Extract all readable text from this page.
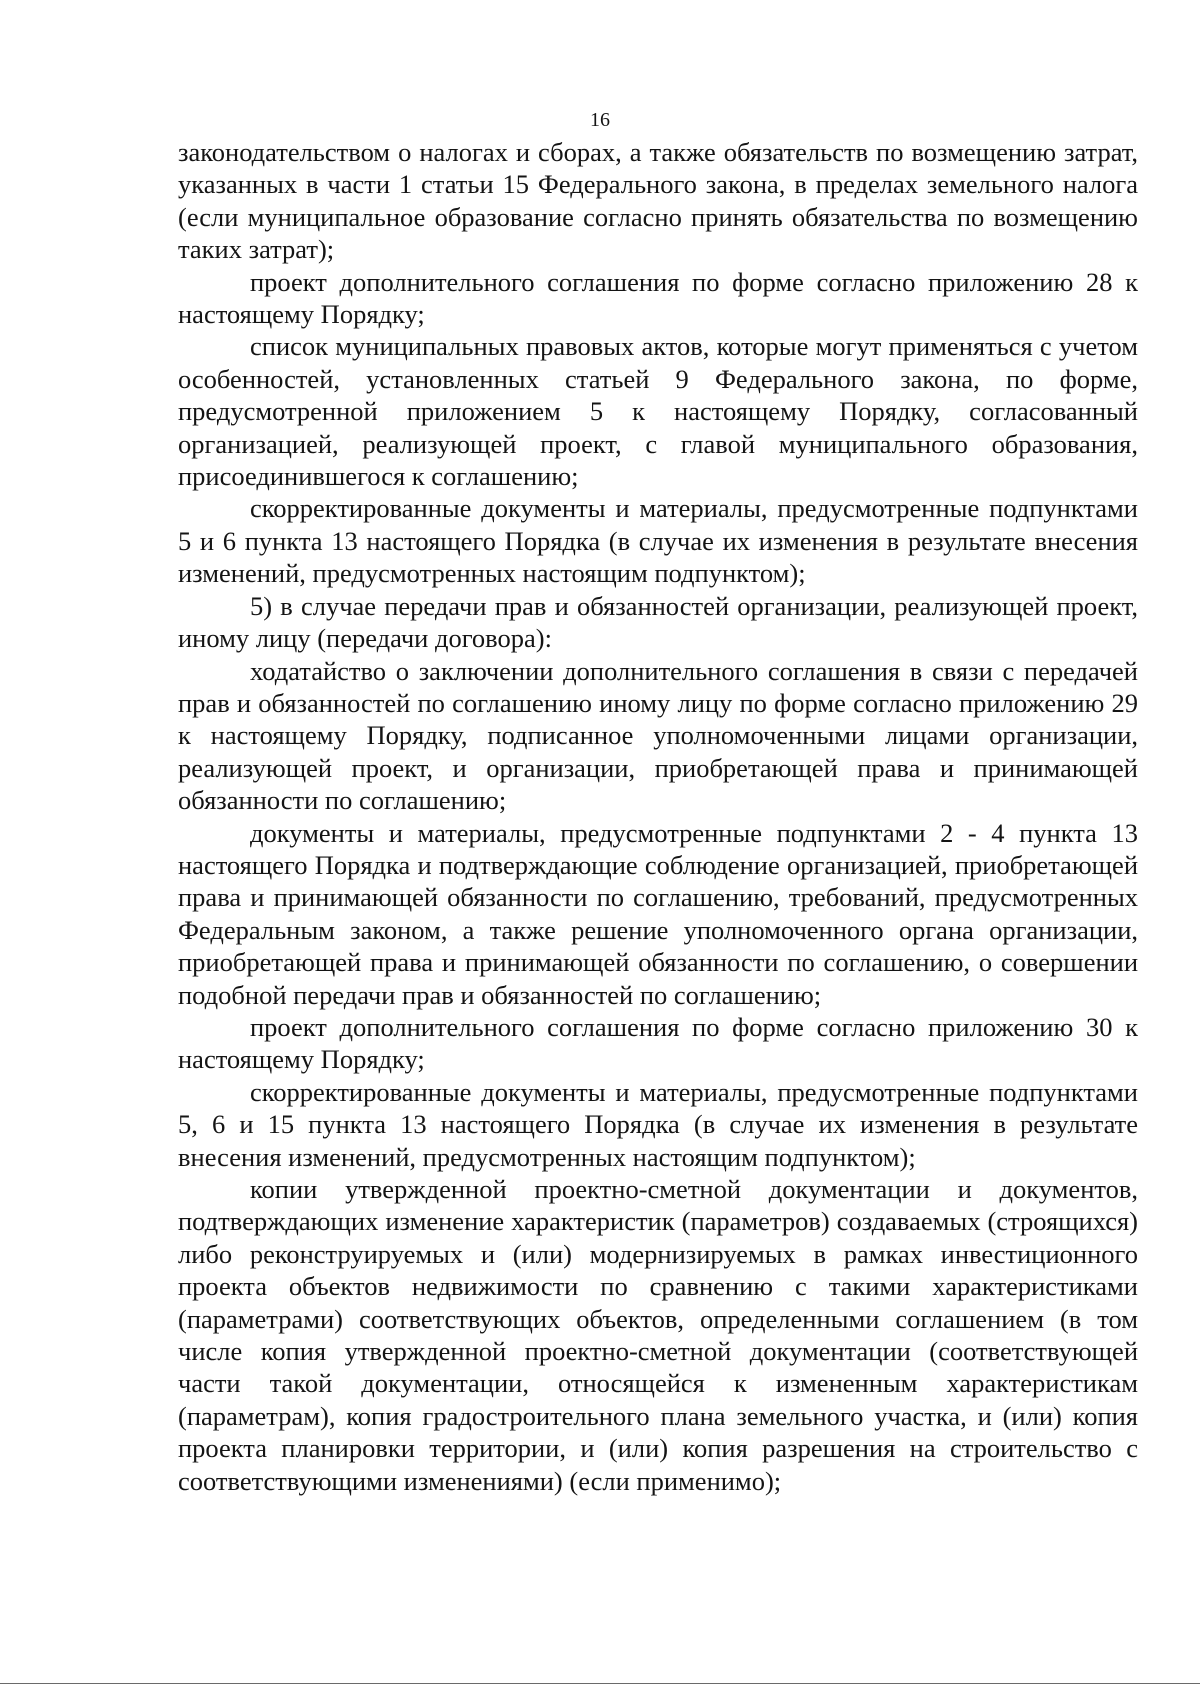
16

законодательством о налогах и сборах, а также обязательств по возмещению затрат, указанных в части 1 статьи 15 Федерального закона, в пределах земельного налога (если муниципальное образование согласно принять обязательства по возмещению таких затрат);

проект дополнительного соглашения по форме согласно приложению 28 к настоящему Порядку;

список муниципальных правовых актов, которые могут применяться с учетом особенностей, установленных статьей 9 Федерального закона, по форме, предусмотренной приложением 5 к настоящему Порядку, согласованный организацией, реализующей проект, с главой муниципального образования, присоединившегося к соглашению;

скорректированные документы и материалы, предусмотренные подпунктами 5 и 6 пункта 13 настоящего Порядка (в случае их изменения в результате внесения изменений, предусмотренных настоящим подпунктом);

5) в случае передачи прав и обязанностей организации, реализующей проект, иному лицу (передачи договора):

ходатайство о заключении дополнительного соглашения в связи с передачей прав и обязанностей по соглашению иному лицу по форме согласно приложению 29 к настоящему Порядку, подписанное уполномоченными лицами организации, реализующей проект, и организации, приобретающей права и принимающей обязанности по соглашению;

документы и материалы, предусмотренные подпунктами 2 - 4 пункта 13 настоящего Порядка и подтверждающие соблюдение организацией, приобретающей права и принимающей обязанности по соглашению, требований, предусмотренных Федеральным законом, а также решение уполномоченного органа организации, приобретающей права и принимающей обязанности по соглашению, о совершении подобной передачи прав и обязанностей по соглашению;

проект дополнительного соглашения по форме согласно приложению 30 к настоящему Порядку;

скорректированные документы и материалы, предусмотренные подпунктами 5, 6 и 15 пункта 13 настоящего Порядка (в случае их изменения в результате внесения изменений, предусмотренных настоящим подпунктом);

копии утвержденной проектно-сметной документации и документов, подтверждающих изменение характеристик (параметров) создаваемых (строящихся) либо реконструируемых и (или) модернизируемых в рамках инвестиционного проекта объектов недвижимости по сравнению с такими характеристиками (параметрами) соответствующих объектов, определенными соглашением (в том числе копия утвержденной проектно-сметной документации (соответствующей части такой документации, относящейся к измененным характеристикам (параметрам), копия градостроительного плана земельного участка, и (или) копия проекта планировки территории, и (или) копия разрешения на строительство с соответствующими изменениями) (если применимо);
